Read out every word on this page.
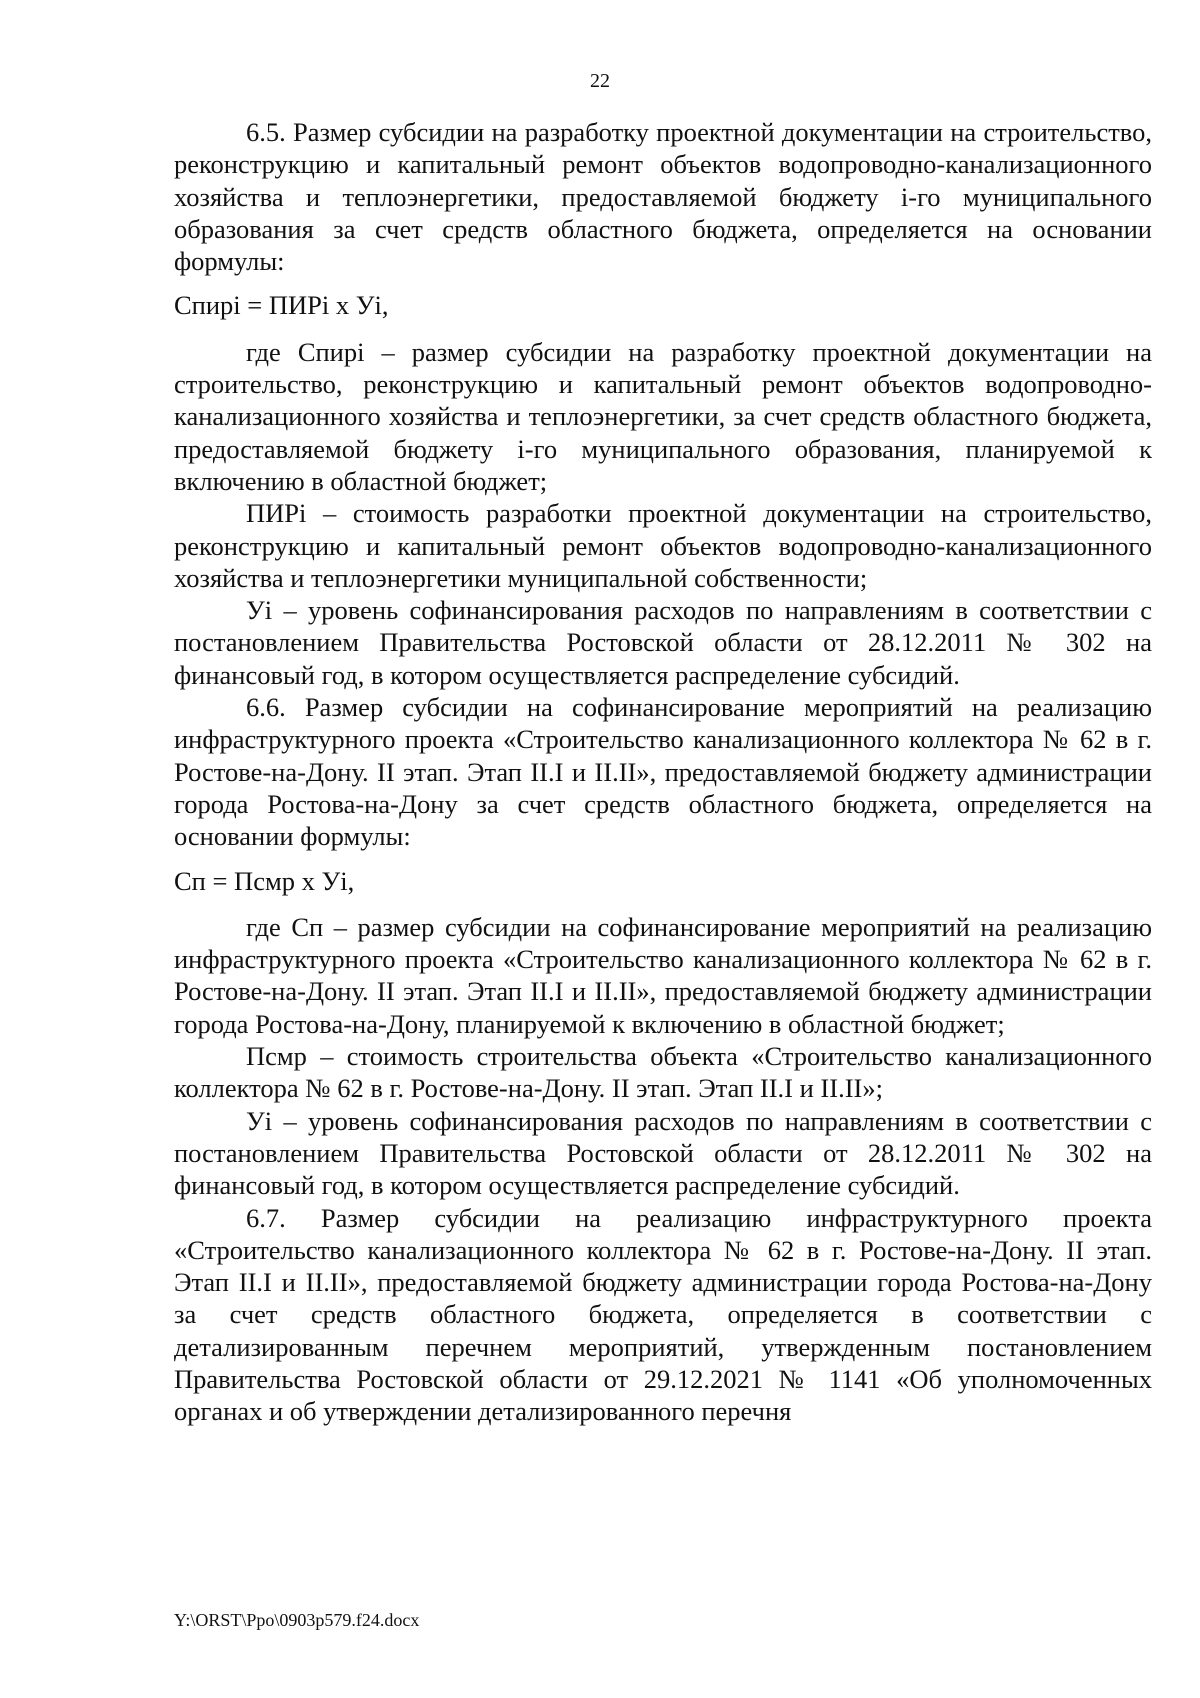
22

6.5. Размер субсидии на разработку проектной документации на строительство, реконструкцию и капитальный ремонт объектов водопроводно-канализационного хозяйства и теплоэнергетики, предоставляемой бюджету i-го муниципального образования за счет средств областного бюджета, определяется на основании формулы:

Спирi = ПИРi х Уi,

где Спирi – размер субсидии на разработку проектной документации на строительство, реконструкцию и капитальный ремонт объектов водопроводно-канализационного хозяйства и теплоэнергетики, за счет средств областного бюджета, предоставляемой бюджету i-го муниципального образования, планируемой к включению в областной бюджет;

ПИРi – стоимость разработки проектной документации на строительство, реконструкцию и капитальный ремонт объектов водопроводно-канализационного хозяйства и теплоэнергетики муниципальной собственности;

Уi – уровень софинансирования расходов по направлениям в соответствии с постановлением Правительства Ростовской области от 28.12.2011 № 302 на финансовый год, в котором осуществляется распределение субсидий.

6.6. Размер субсидии на софинансирование мероприятий на реализацию инфраструктурного проекта «Строительство канализационного коллектора № 62 в г. Ростове-на-Дону. II этап. Этап II.I и II.II», предоставляемой бюджету администрации города Ростова-на-Дону за счет средств областного бюджета, определяется на основании формулы:

Сп = Псмр х Уi,

где Сп – размер субсидии на софинансирование мероприятий на реализацию инфраструктурного проекта «Строительство канализационного коллектора № 62 в г. Ростове-на-Дону. II этап. Этап II.I и II.II», предоставляемой бюджету администрации города Ростова-на-Дону, планируемой к включению в областной бюджет;

Псмр – стоимость строительства объекта «Строительство канализационного коллектора № 62 в г. Ростове-на-Дону. II этап. Этап II.I и II.II»;

Уi – уровень софинансирования расходов по направлениям в соответствии с постановлением Правительства Ростовской области от 28.12.2011 № 302 на финансовый год, в котором осуществляется распределение субсидий.

6.7. Размер субсидии на реализацию инфраструктурного проекта «Строительство канализационного коллектора № 62 в г. Ростове-на-Дону. II этап. Этап II.I и II.II», предоставляемой бюджету администрации города Ростова-на-Дону за счет средств областного бюджета, определяется в соответствии с детализированным перечнем мероприятий, утвержденным постановлением Правительства Ростовской области от 29.12.2021 № 1141 «Об уполномоченных органах и об утверждении детализированного перечня

Y:\ORST\Ppo\0903p579.f24.docx
